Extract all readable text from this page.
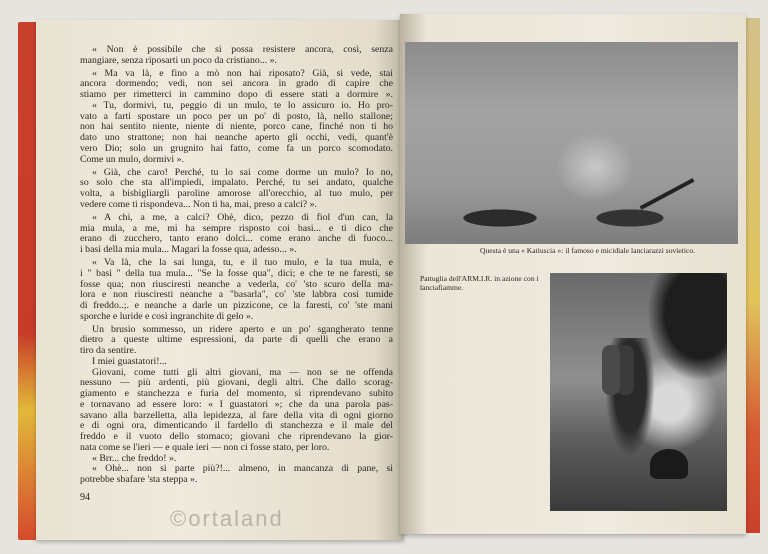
« Non è possibile che si possa resistere ancora, così, senza
mangiare, senza riposarti un poco da cristiano... ».
« Ma va là, e fino a mò non hai riposato? Già, si vede, stai
ancora dormendo; vedi, non sei ancora in grado di capire che
stiamo per rimetterci in cammino dopo di essere stati a dormire ».
« Tu, dormivi, tu, peggio di un mulo, te lo assicuro io. Ho pro-
vato a farti spostare un poco per un po' di posto, là, nello stallone;
non hai sentito niente, niente di niente, porco cane, finché non ti ho
dato uno strattone; non hai neanche aperto gli occhi, vedi, quant'è
vero Dio; solo un grugnito hai fatto, come fa un porco scomodato.
Come un mulo, dormivi ».
« Già, che caro! Perché, tu lo sai come dorme un mulo? Io no,
so solo che sta all'impiedi, impalato. Perché, tu sei andato, qualche
volta, a bisbigliargli paroline amorose all'orecchio, al tuo mulo, per
vedere come ti rispondeva... Non ti ha, mai, preso a calci? ».
« A chi, a me, a calci? Ohè, dico, pezzo di fiol d'un can, la
mia mula, a me, mi ha sempre risposto coi basi... e ti dico che
erano di zucchero, tanto erano dolci... come erano anche di fuoco...
i basi della mia mula... Magari la fosse qua, adesso... ».
« Va là, che la sai lunga, tu, e il tuo mulo, e la tua mula, e
i " basi " della tua mula... "Se la fosse qua", dici; e che te ne faresti, se
fosse qua; non riusciresti neanche a vederla, co' 'sto scuro della ma-
lora e non riusciresti neanche a "basarla", co' 'ste labbra così tumide
di freddo..;. e neanche a darle un pizzicone, ce la faresti, co' 'ste mani
sporche e luride e così ingranchite di gelo ».
Un brusìo sommesso, un ridere aperto e un po' sgangherato tenne
dietro a queste ultime espressioni, da parte di quelli che erano a
tiro da sentire.
I miei guastatori!...
Giovani, come tutti gli altri giovani, ma — non se ne offenda
nessuno — più ardenti, più giovani, degli altri. Che dallo scorag-
giamento e stanchezza e furia del momento, si riprendevano subito
e tornavano ad essere loro: « I guastatori »; che da una parola pas-
savano alla barzelletta, alla lepidezza, al fare della vita di ogni giorno
e di ogni ora, dimenticando il fardello di stanchezza e il male del
freddo e il vuoto dello stomaco; giovani che riprendevano la gior-
nata come se l'ieri — e quale ieri — non ci fosse stato, per loro.
« Brr... che freddo! ».
« Ohè... non si parte più?!... almeno, in mancanza di pane, si
potrebbe sbafare 'sta steppa ».
94
Questa è una « Katiuscia »: il famoso e micidiale lanciarazzi sovietico.
Pattuglia dell'ARM.I.R. in azione con i lanciafiamme.
©ortaland
